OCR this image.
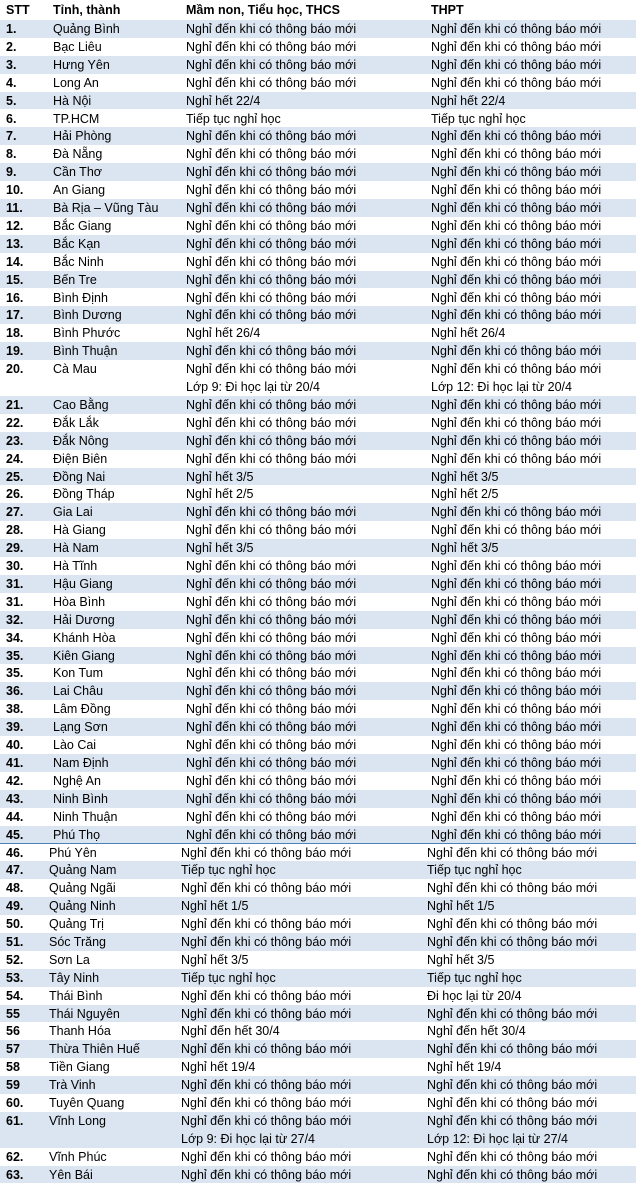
STT Tỉnh, thành	Mầm non, Tiểu học, THCS	THPT
1.	Quảng Bình	Nghỉ đến khi có thông báo mới	Nghỉ đến khi có thông báo mới
2.	Bạc Liêu	Nghỉ đến khi có thông báo mới	Nghỉ đến khi có thông báo mới
3.	Hưng Yên	Nghỉ đến khi có thông báo mới	Nghỉ đến khi có thông báo mới
4.	Long An	Nghỉ đến khi có thông báo mới	Nghỉ đến khi có thông báo mới
5.	Hà Nội	Nghỉ hết 22/4	Nghỉ hết 22/4
6.	TP.HCM	Tiếp tục nghỉ học	Tiếp tục nghỉ học
7.	Hải Phòng	Nghỉ đến khi có thông báo mới	Nghỉ đến khi có thông báo mới
8.	Đà Nẵng	Nghỉ đến khi có thông báo mới	Nghỉ đến khi có thông báo mới
9.	Cần Thơ	Nghỉ đến khi có thông báo mới	Nghỉ đến khi có thông báo mới
10. An Giang	Nghỉ đến khi có thông báo mới	Nghỉ đến khi có thông báo mới
11. Bà Rịa – Vũng Tàu Nghỉ đến khi có thông báo mới	Nghỉ đến khi có thông báo mới
12. Bắc Giang	Nghỉ đến khi có thông báo mới	Nghỉ đến khi có thông báo mới
13. Bắc Kạn	Nghỉ đến khi có thông báo mới	Nghỉ đến khi có thông báo mới
14. Bắc Ninh	Nghỉ đến khi có thông báo mới	Nghỉ đến khi có thông báo mới
15. Bến Tre	Nghỉ đến khi có thông báo mới	Nghỉ đến khi có thông báo mới
16. Bình Định	Nghỉ đến khi có thông báo mới	Nghỉ đến khi có thông báo mới
17. Bình Dương	Nghỉ đến khi có thông báo mới	Nghỉ đến khi có thông báo mới
18. Bình Phước	Nghỉ hết 26/4	Nghỉ hết 26/4
19. Bình Thuận	Nghỉ đến khi có thông báo mới	Nghỉ đến khi có thông báo mới
20. Cà Mau	Nghỉ đến khi có thông báo mới	Nghỉ đến khi có thông báo mới
Lớp 9: Đi học lại từ 20/4	Lớp 12: Đi học lại từ 20/4
21. Cao Bằng	Nghỉ đến khi có thông báo mới	Nghỉ đến khi có thông báo mới
22. Đắk Lắk	Nghỉ đến khi có thông báo mới	Nghỉ đến khi có thông báo mới
23. Đắk Nông	Nghỉ đến khi có thông báo mới	Nghỉ đến khi có thông báo mới
24. Điện Biên	Nghỉ đến khi có thông báo mới	Nghỉ đến khi có thông báo mới
25. Đồng Nai	Nghỉ hết 3/5	Nghỉ hết 3/5
26. Đồng Tháp	Nghỉ hết 2/5	Nghỉ hết 2/5
27. Gia Lai	Nghỉ đến khi có thông báo mới	Nghỉ đến khi có thông báo mới
28. Hà Giang	Nghỉ đến khi có thông báo mới	Nghỉ đến khi có thông báo mới
29. Hà Nam	Nghỉ hết 3/5	Nghỉ hết 3/5
30. Hà Tĩnh	Nghỉ đến khi có thông báo mới	Nghỉ đến khi có thông báo mới
31. Hậu Giang	Nghỉ đến khi có thông báo mới	Nghỉ đến khi có thông báo mới
31. Hòa Bình	Nghỉ đến khi có thông báo mới	Nghỉ đến khi có thông báo mới
32. Hải Dương	Nghỉ đến khi có thông báo mới	Nghỉ đến khi có thông báo mới
34. Khánh Hòa	Nghỉ đến khi có thông báo mới	Nghỉ đến khi có thông báo mới
35. Kiên Giang	Nghỉ đến khi có thông báo mới	Nghỉ đến khi có thông báo mới
35. Kon Tum	Nghỉ đến khi có thông báo mới	Nghỉ đến khi có thông báo mới
36. Lai Châu	Nghỉ đến khi có thông báo mới	Nghỉ đến khi có thông báo mới
38. Lâm Đồng	Nghỉ đến khi có thông báo mới	Nghỉ đến khi có thông báo mới
39. Lạng Sơn	Nghỉ đến khi có thông báo mới	Nghỉ đến khi có thông báo mới
40. Lào Cai	Nghỉ đến khi có thông báo mới	Nghỉ đến khi có thông báo mới
41. Nam Định	Nghỉ đến khi có thông báo mới	Nghỉ đến khi có thông báo mới
42. Nghệ An	Nghỉ đến khi có thông báo mới	Nghỉ đến khi có thông báo mới
43. Ninh Bình	Nghỉ đến khi có thông báo mới	Nghỉ đến khi có thông báo mới
44. Ninh Thuận	Nghỉ đến khi có thông báo mới	Nghỉ đến khi có thông báo mới
45. Phú Thọ	Nghỉ đến khi có thông báo mới	Nghỉ đến khi có thông báo mới
46. Phú Yên	Nghỉ đến khi có thông báo mới	Nghỉ đến khi có thông báo mới
47. Quảng Nam	Tiếp tục nghỉ học	Tiếp tục nghỉ học
48. Quảng Ngãi	Nghỉ đến khi có thông báo mới	Nghỉ đến khi có thông báo mới
49. Quảng Ninh	Nghỉ hết 1/5	Nghỉ hết 1/5
50. Quảng Trị	Nghỉ đến khi có thông báo mới	Nghỉ đến khi có thông báo mới
51. Sóc Trăng	Nghỉ đến khi có thông báo mới	Nghỉ đến khi có thông báo mới
52. Sơn La	Nghỉ hết 3/5	Nghỉ hết 3/5
53. Tây Ninh	Tiếp tục nghỉ học	Tiếp tục nghỉ học
54. Thái Bình	Nghỉ đến khi có thông báo mới	Đi học lại từ 20/4
55 Thái Nguyên	Nghỉ đến khi có thông báo mới	Nghỉ đến khi có thông báo mới
56 Thanh Hóa	Nghỉ đến hết 30/4	Nghỉ đến hết 30/4
57 Thừa Thiên Huế	Nghỉ đến khi có thông báo mới	Nghỉ đến khi có thông báo mới
58 Tiền Giang	Nghỉ hết 19/4	Nghỉ hết 19/4
59 Trà Vinh	Nghỉ đến khi có thông báo mới	Nghỉ đến khi có thông báo mới
60. Tuyên Quang	Nghỉ đến khi có thông báo mới	Nghỉ đến khi có thông báo mới
61. Vĩnh Long	Nghỉ đến khi có thông báo mới	Nghỉ đến khi có thông báo mới
Lớp 9: Đi học lại từ 27/4	Lớp 12: Đi học lại từ 27/4
62. Vĩnh Phúc	Nghỉ đến khi có thông báo mới	Nghỉ đến khi có thông báo mới
63. Yên Bái	Nghỉ đến khi có thông báo mới	Nghỉ đến khi có thông báo mới
